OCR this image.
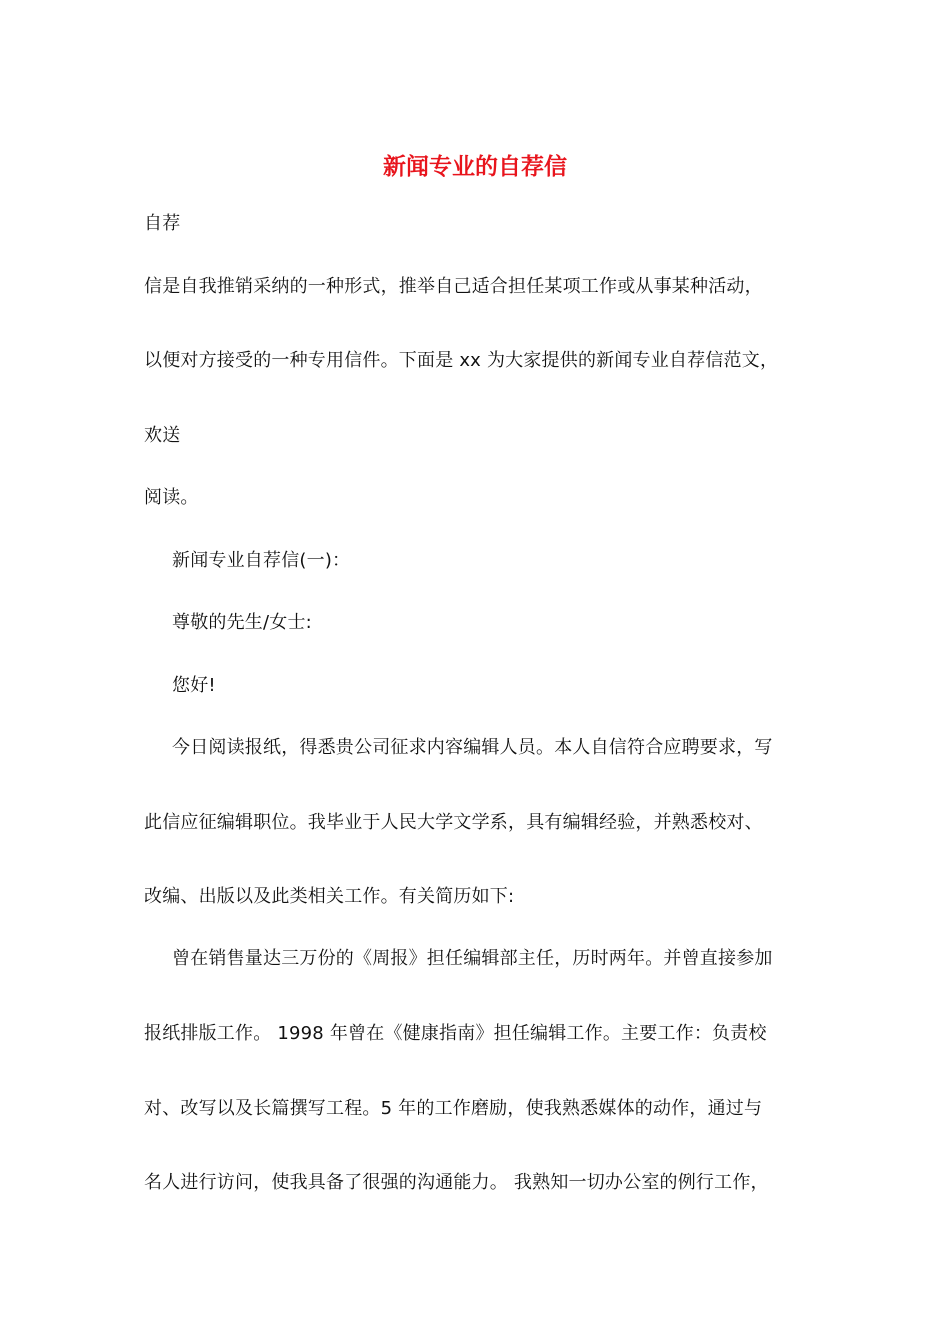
新闻专业的自荐信
自荐
信是自我推销采纳的一种形式，推举自己适合担任某项工作或从事某种活动，
以便对方接受的一种专用信件。下面是 xx 为大家提供的新闻专业自荐信范文，
欢送
阅读。
新闻专业自荐信(一)：
尊敬的先生/女士:
您好!
今日阅读报纸，得悉贵公司征求内容编辑人员。本人自信符合应聘要求，写
此信应征编辑职位。我毕业于人民大学文学系，具有编辑经验，并熟悉校对、
改编、出版以及此类相关工作。有关简历如下:
曾在销售量达三万份的《周报》担任编辑部主任，历时两年。并曾直接参加
报纸排版工作。 1998 年曾在《健康指南》担任编辑工作。主要工作：负责校
对、改写以及长篇撰写工程。5 年的工作磨励，使我熟悉媒体的动作，通过与
名人进行访问，使我具备了很强的沟通能力。 我熟知一切办公室的例行工作，
